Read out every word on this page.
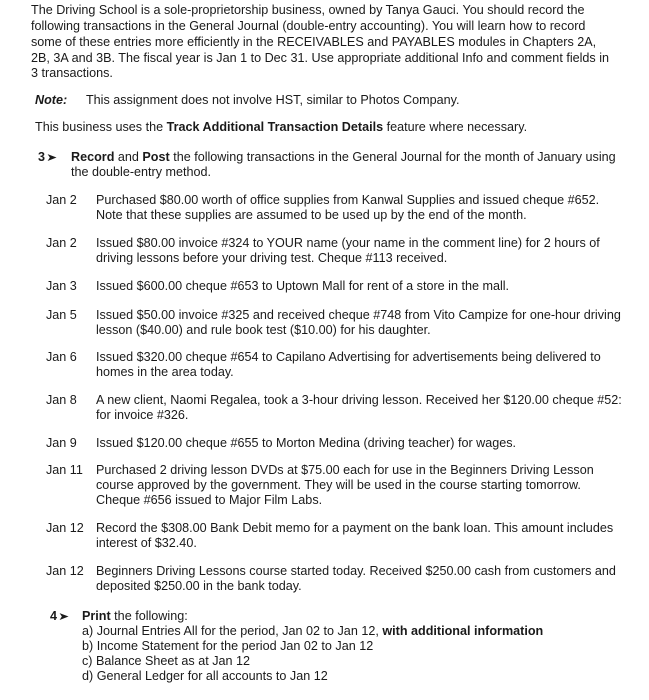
The Driving School is a sole-proprietorship business, owned by Tanya Gauci. You should record the
following transactions in the General Journal (double-entry accounting). You will learn how to record
some of these entries more efficiently in the RECEIVABLES and PAYABLES modules in Chapters 2A,
2B, 3A and 3B. The fiscal year is Jan 1 to Dec 31. Use appropriate additional Info and comment fields in
3 transactions.
Note: This assignment does not involve HST, similar to Photos Company.
This business uses the Track Additional Transaction Details feature where necessary.
3➤ Record and Post the following transactions in the General Journal for the month of January using
the double-entry method.
Jan 2 Purchased $80.00 worth of office supplies from Kanwal Supplies and issued cheque #652.
Note that these supplies are assumed to be used up by the end of the month.
Jan 2 Issued $80.00 invoice #324 to YOUR name (your name in the comment line) for 2 hours of
driving lessons before your driving test. Cheque #113 received.
Jan 3 Issued $600.00 cheque #653 to Uptown Mall for rent of a store in the mall.
Jan 5 Issued $50.00 invoice #325 and received cheque #748 from Vito Campize for one-hour driving
lesson ($40.00) and rule book test ($10.00) for his daughter.
Jan 6 Issued $320.00 cheque #654 to Capilano Advertising for advertisements being delivered to
homes in the area today.
Jan 8 A new client, Naomi Regalea, took a 3-hour driving lesson. Received her $120.00 cheque #52:
for invoice #326.
Jan 9 Issued $120.00 cheque #655 to Morton Medina (driving teacher) for wages.
Jan 11 Purchased 2 driving lesson DVDs at $75.00 each for use in the Beginners Driving Lesson
course approved by the government. They will be used in the course starting tomorrow.
Cheque #656 issued to Major Film Labs.
Jan 12 Record the $308.00 Bank Debit memo for a payment on the bank loan. This amount includes
interest of $32.40.
Jan 12 Beginners Driving Lessons course started today. Received $250.00 cash from customers and
deposited $250.00 in the bank today.
4➤ Print the following:
a) Journal Entries All for the period, Jan 02 to Jan 12, with additional information
b) Income Statement for the period Jan 02 to Jan 12
c) Balance Sheet as at Jan 12
d) General Ledger for all accounts to Jan 12
